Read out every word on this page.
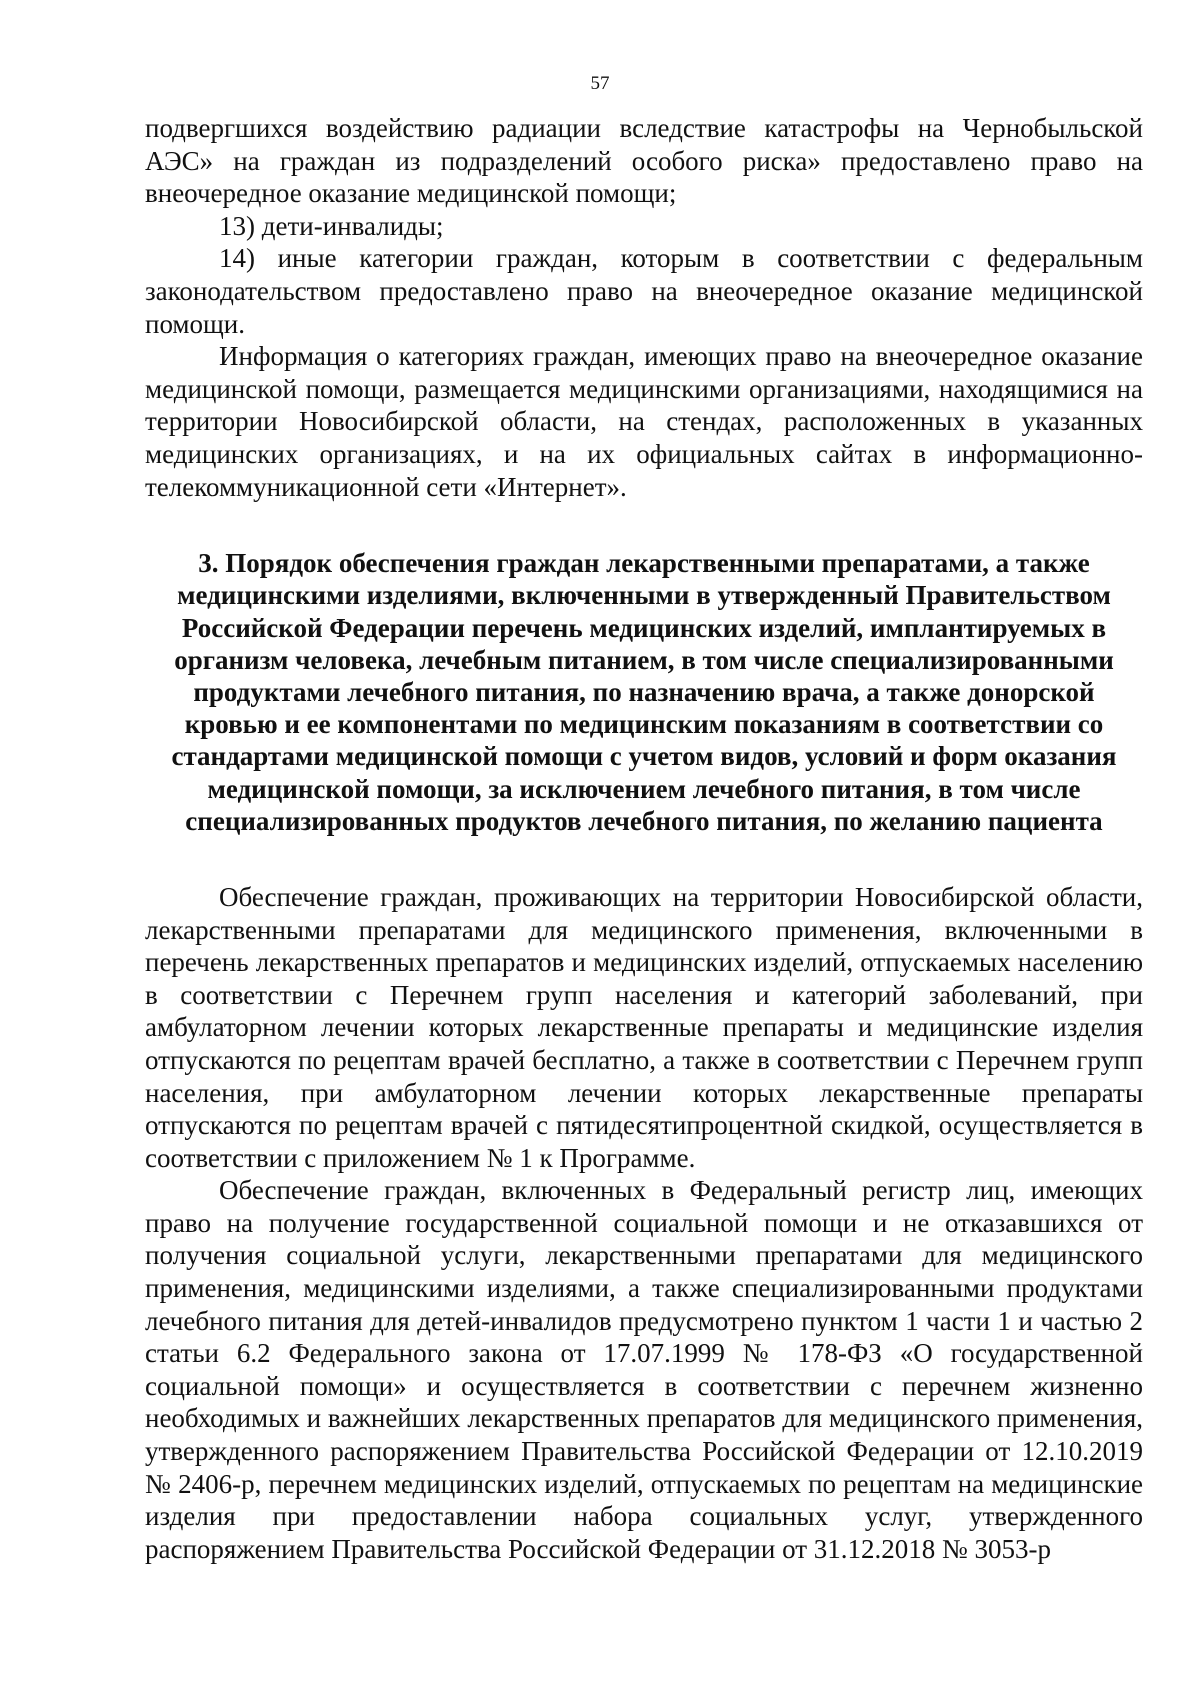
57

подвергшихся воздействию радиации вследствие катастрофы на Чернобыльской АЭС» на граждан из подразделений особого риска» предоставлено право на внеочередное оказание медицинской помощи;

13) дети-инвалиды;

14) иные категории граждан, которым в соответствии с федеральным законодательством предоставлено право на внеочередное оказание медицинской помощи.

Информация о категориях граждан, имеющих право на внеочередное оказание медицинской помощи, размещается медицинскими организациями, находящимися на территории Новосибирской области, на стендах, расположенных в указанных медицинских организациях, и на их официальных сайтах в информационно-телекоммуникационной сети «Интернет».

3. Порядок обеспечения граждан лекарственными препаратами, а также медицинскими изделиями, включенными в утвержденный Правительством Российской Федерации перечень медицинских изделий, имплантируемых в организм человека, лечебным питанием, в том числе специализированными продуктами лечебного питания, по назначению врача, а также донорской кровью и ее компонентами по медицинским показаниям в соответствии со стандартами медицинской помощи с учетом видов, условий и форм оказания медицинской помощи, за исключением лечебного питания, в том числе специализированных продуктов лечебного питания, по желанию пациента

Обеспечение граждан, проживающих на территории Новосибирской области, лекарственными препаратами для медицинского применения, включенными в перечень лекарственных препаратов и медицинских изделий, отпускаемых населению в соответствии с Перечнем групп населения и категорий заболеваний, при амбулаторном лечении которых лекарственные препараты и медицинские изделия отпускаются по рецептам врачей бесплатно, а также в соответствии с Перечнем групп населения, при амбулаторном лечении которых лекарственные препараты отпускаются по рецептам врачей с пятидесятипроцентной скидкой, осуществляется в соответствии с приложением № 1 к Программе.

Обеспечение граждан, включенных в Федеральный регистр лиц, имеющих право на получение государственной социальной помощи и не отказавшихся от получения социальной услуги, лекарственными препаратами для медицинского применения, медицинскими изделиями, а также специализированными продуктами лечебного питания для детей-инвалидов предусмотрено пунктом 1 части 1 и частью 2 статьи 6.2 Федерального закона от 17.07.1999 № 178-ФЗ «О государственной социальной помощи» и осуществляется в соответствии с перечнем жизненно необходимых и важнейших лекарственных препаратов для медицинского применения, утвержденного распоряжением Правительства Российской Федерации от 12.10.2019 № 2406-р, перечнем медицинских изделий, отпускаемых по рецептам на медицинские изделия при предоставлении набора социальных услуг, утвержденного распоряжением Правительства Российской Федерации от 31.12.2018 № 3053-р
